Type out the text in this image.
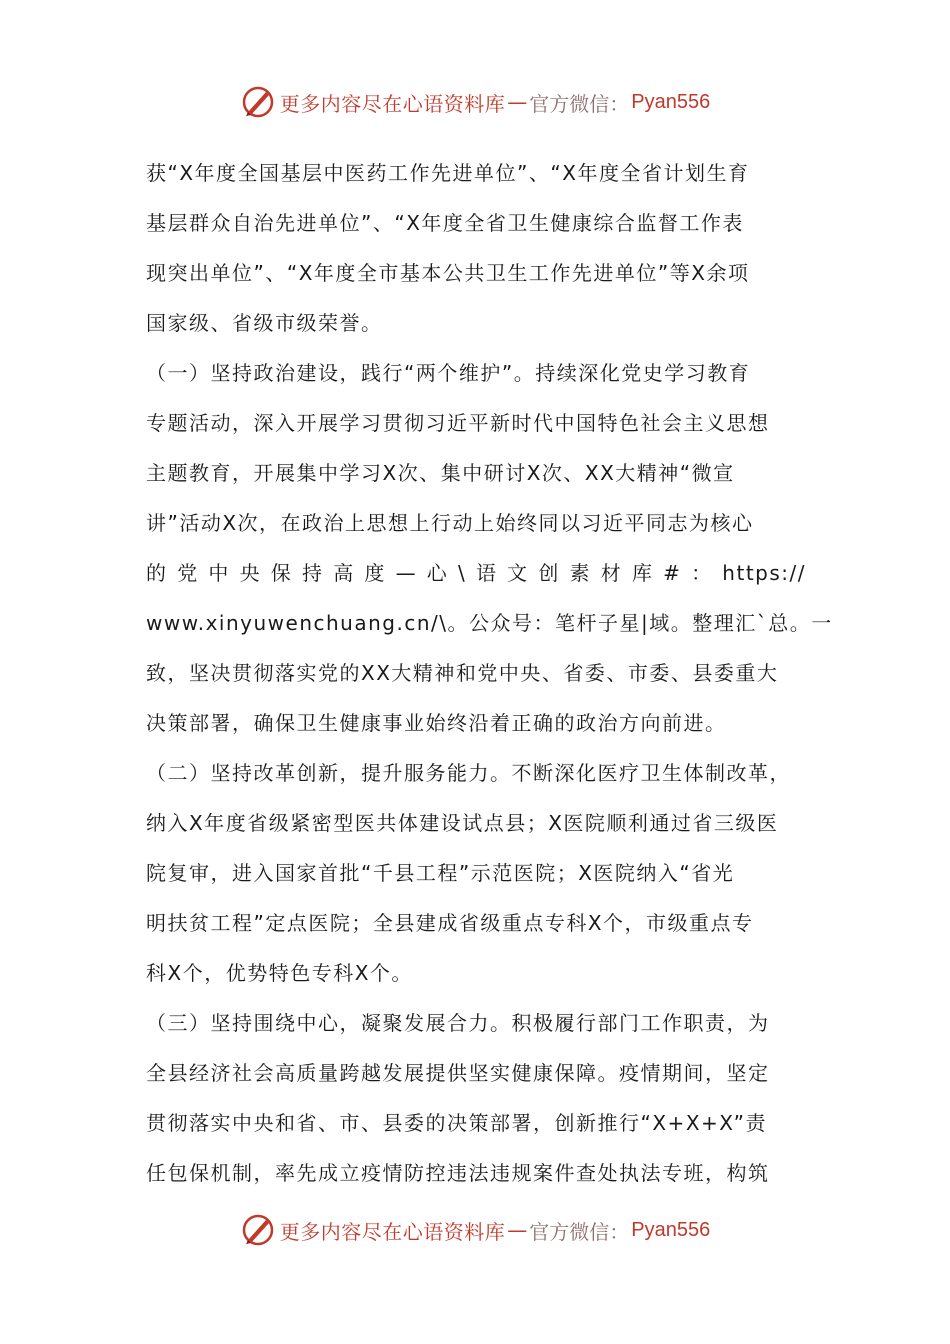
更多内容尽在心语资料库 — 官方微信： Pyan556
获“X年度全国基层中医药工作先进单位”、“X年度全省计划生育
基层群众自治先进单位”、“X年度全省卫生健康综合监督工作表
现突出单位”、“X年度全市基本公共卫生工作先进单位”等X余项
国家级、省级市级荣誉。
（一）坚持政治建设，践行“两个维护”。持续深化党史学习教育
专题活动，深入开展学习贯彻习近平新时代中国特色社会主义思想
主题教育，开展集中学习X次、集中研讨X次、XX大精神“微宣
讲”活动X次，在政治上思想上行动上始终同以习近平同志为核心
的党中央保持高度—心\语文创素材库#：https://
www.xinyuwenchuang.cn/\。公众号：笔杆子星|域。整理汇`总。一
致，坚决贯彻落实党的XX大精神和党中央、省委、市委、县委重大
决策部署，确保卫生健康事业始终沿着正确的政治方向前进。
（二）坚持改革创新，提升服务能力。不断深化医疗卫生体制改革，
纳入X年度省级紧密型医共体建设试点县；X医院顺利通过省三级医
院复审，进入国家首批“千县工程”示范医院；X医院纳入“省光
明扶贫工程”定点医院；全县建成省级重点专科X个，市级重点专
科X个，优势特色专科X个。
（三）坚持围绕中心，凝聚发展合力。积极履行部门工作职责，为
全县经济社会高质量跨越发展提供坚实健康保障。疫情期间，坚定
贯彻落实中央和省、市、县委的决策部署，创新推行“X+X+X”责
任包保机制，率先成立疫情防控违法违规案件查处执法专班，构筑
更多内容尽在心语资料库 — 官方微信： Pyan556
